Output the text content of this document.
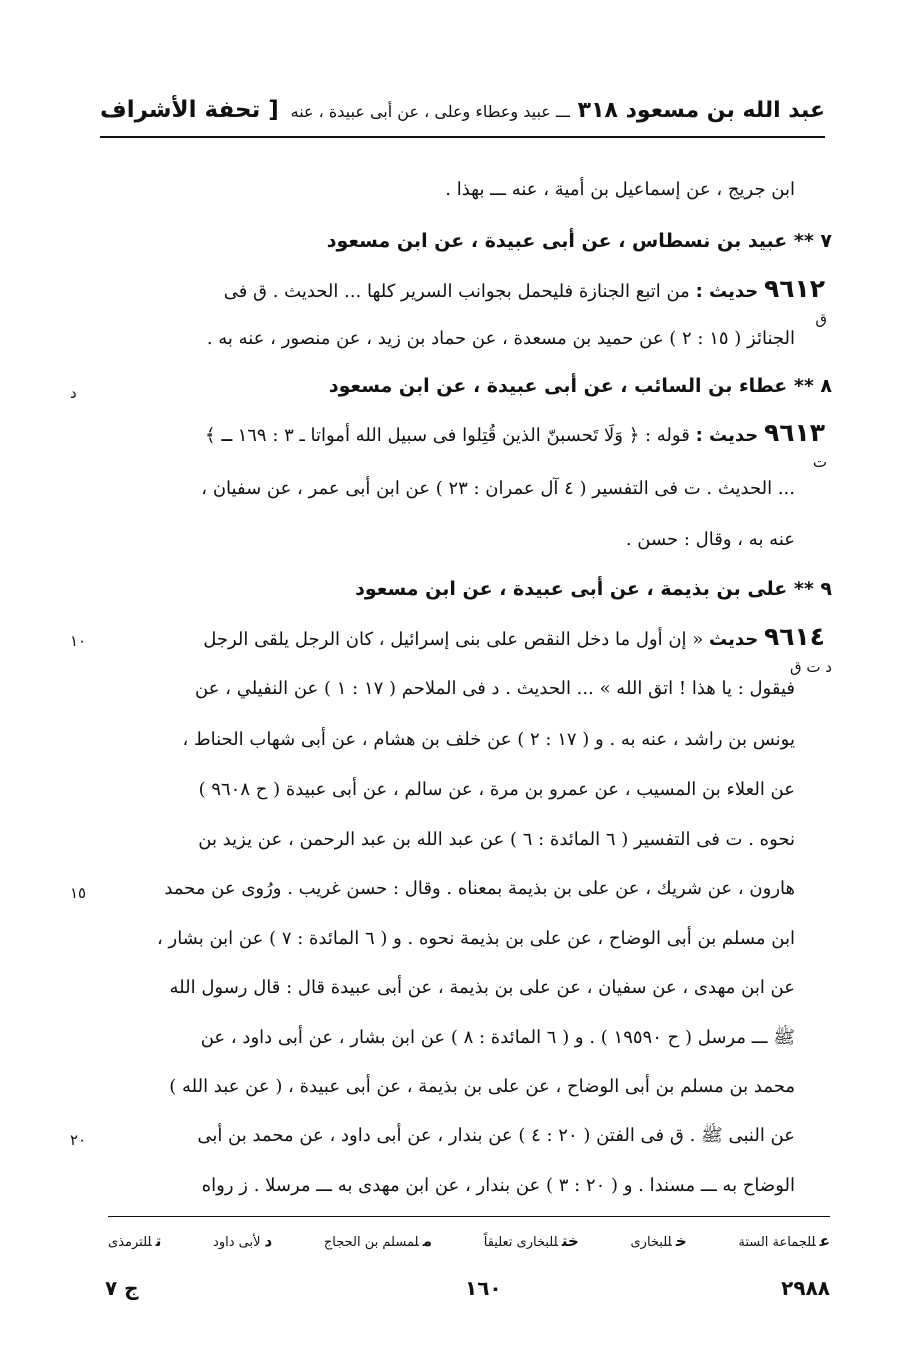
عبد الله بن مسعود ٣١٨ ـــ عبيد وعطاء وعلى ، عن أبى عبيدة ، عنه
[ تحفة الأشراف
ابن جريج ، عن إسماعيل بن أمية ، عنه ـــ بهذا .
٧ ** عبيد بن نسطاس ، عن أبى عبيدة ، عن ابن مسعود
٩٦١٢ حديث : من اتبع الجنازة فليحمل بجوانب السرير كلها ... الحديث . ق فى
الجنائز ( ١٥ : ٢ ) عن حميد بن مسعدة ، عن حماد بن زيد ، عن منصور ، عنه به .
٨ ** عطاء بن السائب ، عن أبى عبيدة ، عن ابن مسعود
٩٦١٣ حديث : قوله : ﴿ وَلَا تَحسبنّ الذين قُتِلوا فى سبيل الله أمواتا ـ ٣ : ١٦٩ ـ ﴾
... الحديث . ت فى التفسير ( ٤ آل عمران : ٢٣ ) عن ابن أبى عمر ، عن سفيان ،
عنه به ، وقال : حسن .
٩ ** على بن بذيمة ، عن أبى عبيدة ، عن ابن مسعود
٩٦١٤ حديث « إن أول ما دخل النقص على بنى إسرائيل ، كان الرجل يلقى الرجل
فيقول : يا هذا ! اتق الله » ... الحديث . د فى الملاحم ( ١٧ : ١ ) عن النفيلي ، عن
يونس بن راشد ، عنه به . و ( ١٧ : ٢ ) عن خلف بن هشام ، عن أبى شهاب الحناط ،
عن العلاء بن المسيب ، عن عمرو بن مرة ، عن سالم ، عن أبى عبيدة ( ح ٩٦٠٨ )
نحوه . ت فى التفسير ( ٦ المائدة : ٦ ) عن عبد الله بن عبد الرحمن ، عن يزيد بن
هارون ، عن شريك ، عن على بن بذيمة بمعناه . وقال : حسن غريب . ورُوى عن محمد
ابن مسلم بن أبى الوضاح ، عن على بن بذيمة نحوه . و ( ٦ المائدة : ٧ ) عن ابن بشار ،
عن ابن مهدى ، عن سفيان ، عن على بن بذيمة ، عن أبى عبيدة قال : قال رسول الله
ﷺ ـــ مرسل ( ح ١٩٥٩٠ ) . و ( ٦ المائدة : ٨ ) عن ابن بشار ، عن أبى داود ، عن
محمد بن مسلم بن أبى الوضاح ، عن على بن بذيمة ، عن أبى عبيدة ، ( عن عبد الله )
عن النبى ﷺ . ق فى الفتن ( ٢٠ : ٤ ) عن بندار ، عن أبى داود ، عن محمد بن أبى
الوضاح به ـــ مسندا . و ( ٢٠ : ٣ ) عن بندار ، عن ابن مهدى به ـــ مرسلا . ز رواه
د
١٠
١٥
٢٠
ق
ت
د ت ق
عللجماعة الستة
خللبخارى
ختللبخارى تعليقاً
ملمسلم بن الحجاج
دلأبى داود
تللترمذى
٢٩٨٨
١٦٠
ج ٧
